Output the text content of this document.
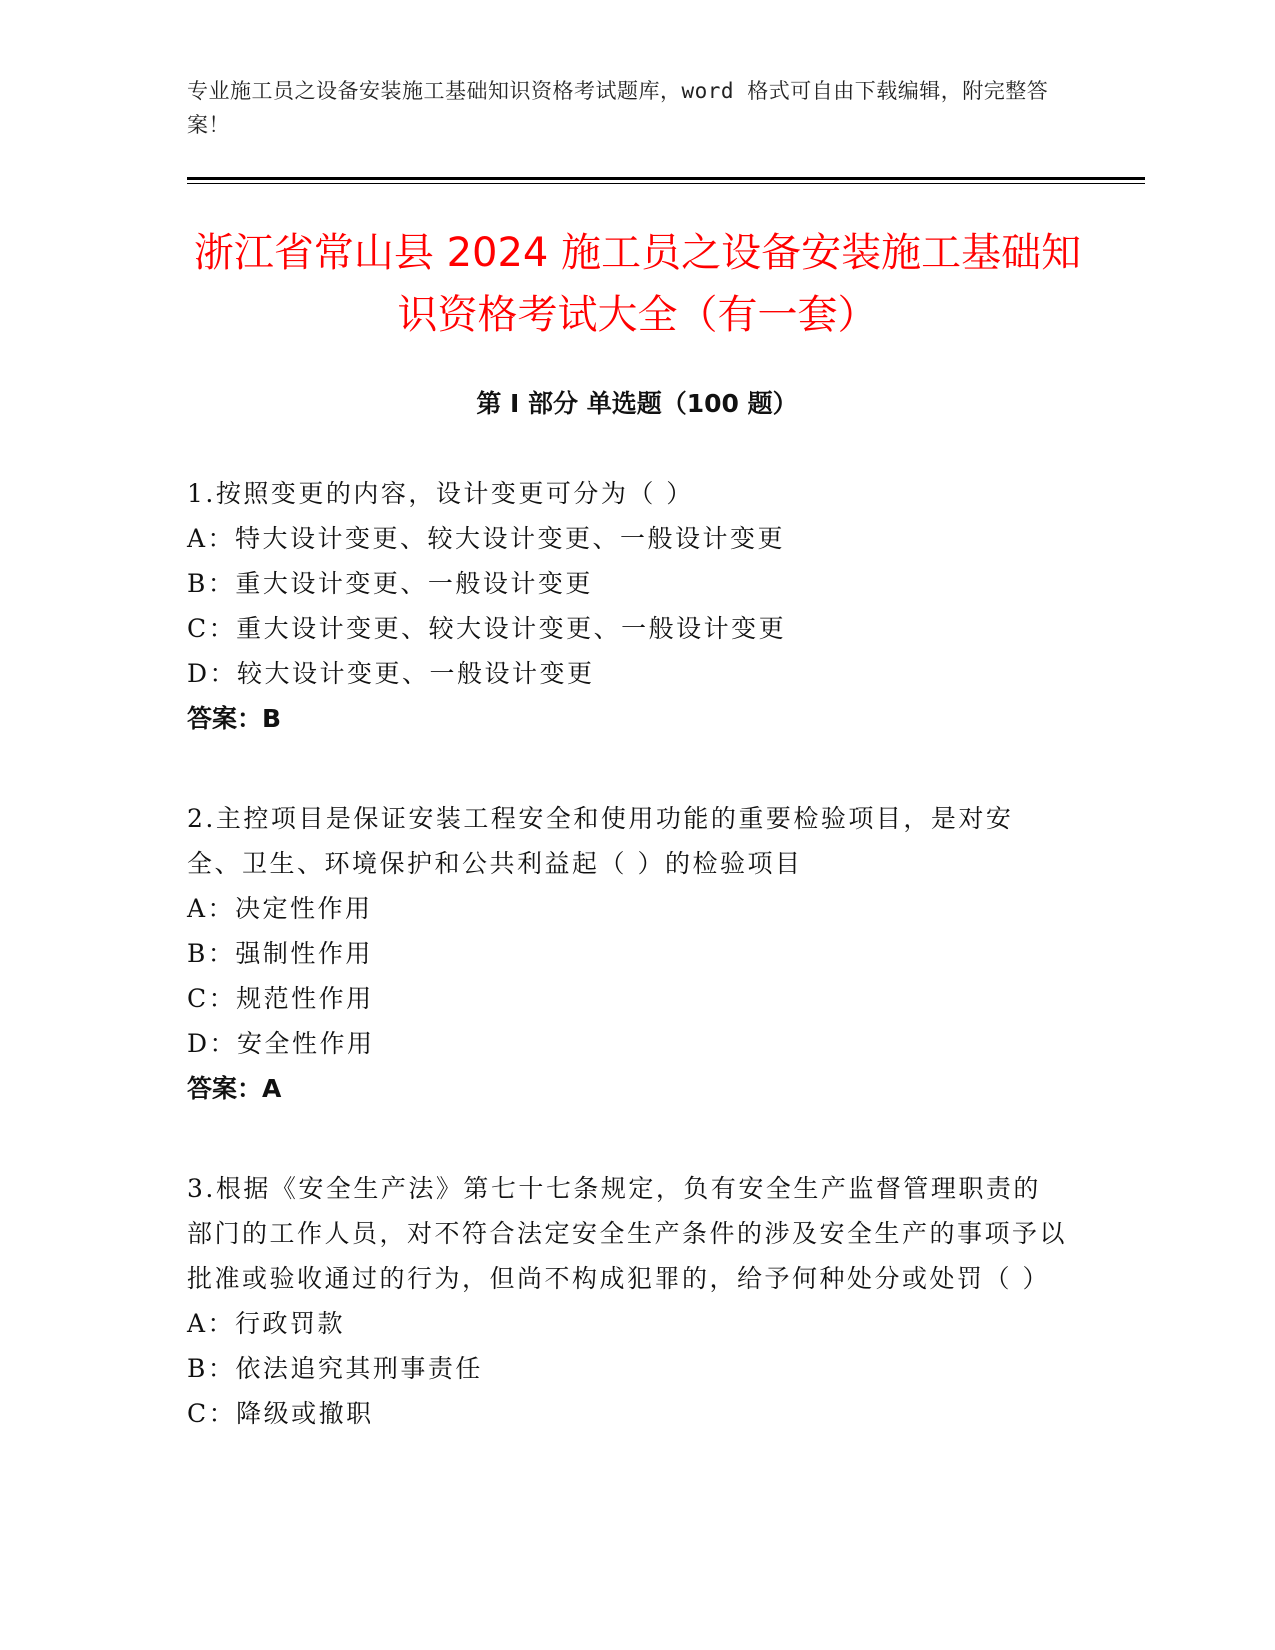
专业施工员之设备安装施工基础知识资格考试题库，word 格式可自由下载编辑，附完整答案！
浙江省常山县 2024 施工员之设备安装施工基础知识资格考试大全（有一套）
第 I 部分 单选题（100 题）
1.按照变更的内容，设计变更可分为（ ）
A：特大设计变更、较大设计变更、一般设计变更
B：重大设计变更、一般设计变更
C：重大设计变更、较大设计变更、一般设计变更
D：较大设计变更、一般设计变更
答案：B
2.主控项目是保证安装工程安全和使用功能的重要检验项目，是对安全、卫生、环境保护和公共利益起（ ）的检验项目
A：决定性作用
B：强制性作用
C：规范性作用
D：安全性作用
答案：A
3.根据《安全生产法》第七十七条规定，负有安全生产监督管理职责的部门的工作人员，对不符合法定安全生产条件的涉及安全生产的事项予以批准或验收通过的行为，但尚不构成犯罪的，给予何种处分或处罚（ ）
A：行政罚款
B：依法追究其刑事责任
C：降级或撤职
